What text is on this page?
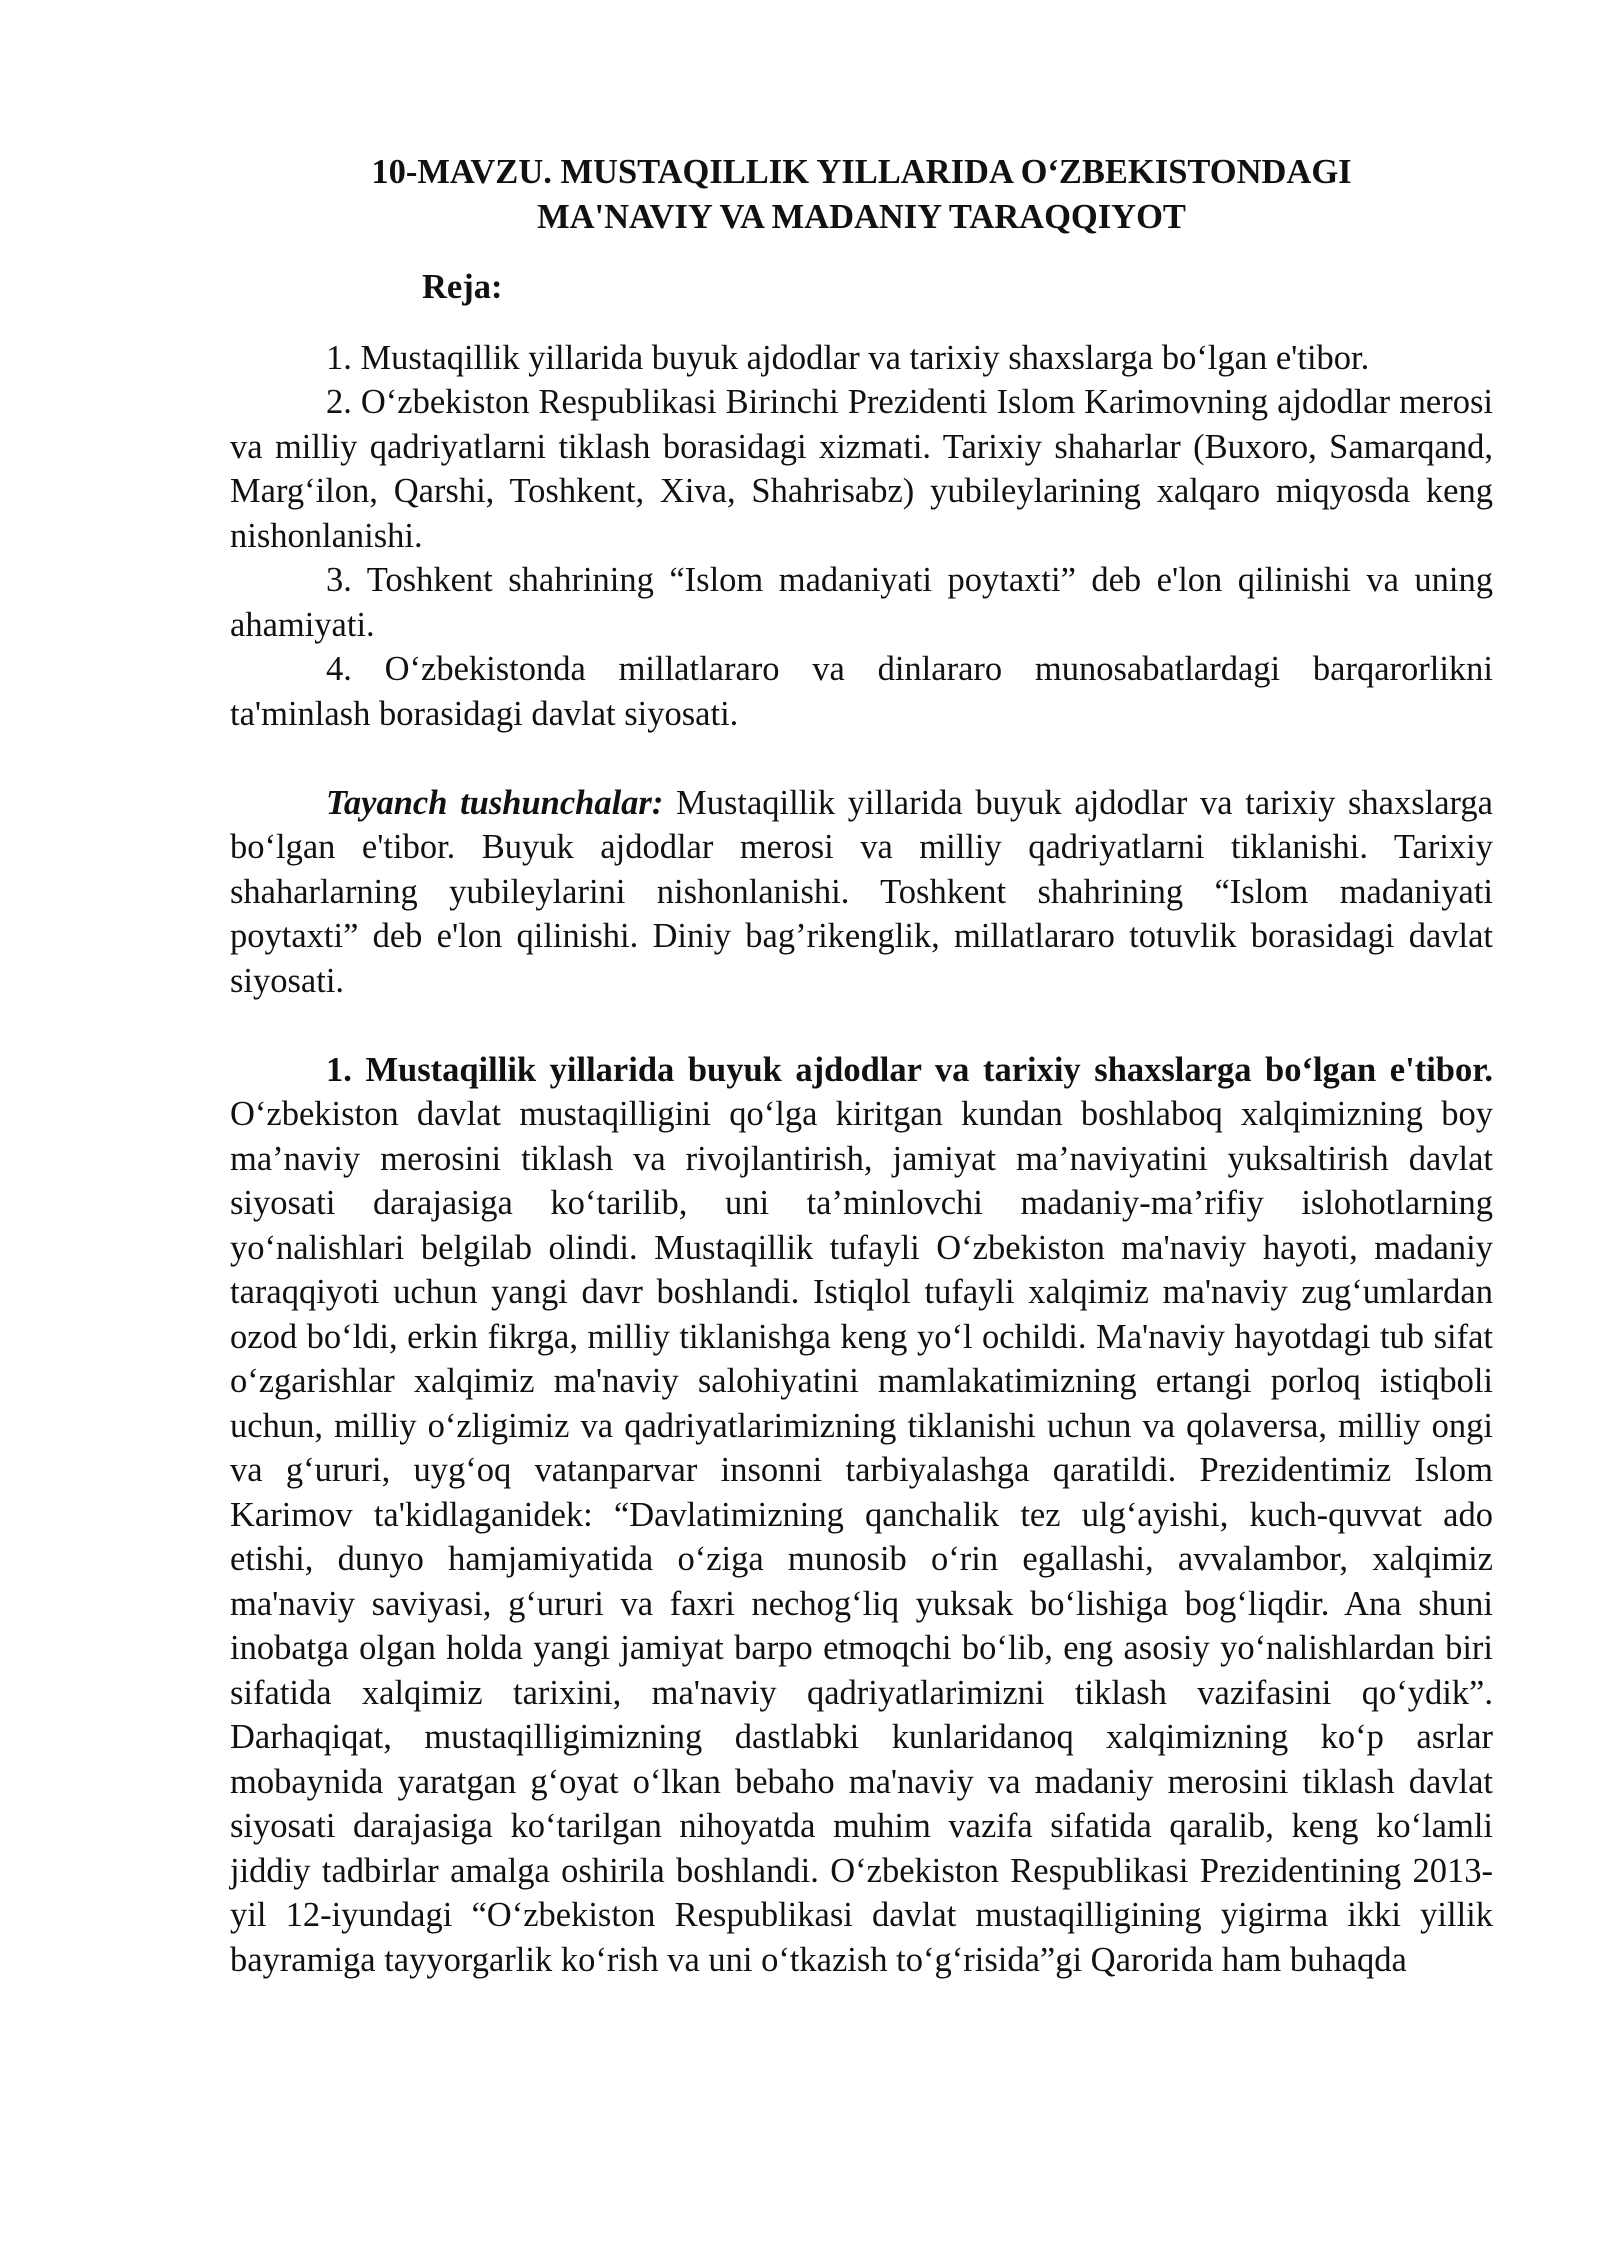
10-MAVZU. MUSTAQILLIK YILLARIDA O‘ZBEKISTONDAGI
MA'NAVIY VA MADANIY TARAQQIYOT
Reja:

1. Mustaqillik yillarida buyuk ajdodlar va tarixiy shaxslarga bo‘lgan e'tibor.

2. O‘zbekiston Respublikasi Birinchi Prezidenti Islom Karimovning ajdodlar merosi va milliy qadriyatlarni tiklash borasidagi xizmati. Tarixiy shaharlar (Buxoro, Samarqand, Marg‘ilon, Qarshi, Toshkent, Xiva, Shahrisabz) yubileylarining xalqaro miqyosda keng nishonlanishi.

3. Toshkent shahrining “Islom madaniyati poytaxti” deb e'lon qilinishi va uning ahamiyati.

4. O‘zbekistonda millatlararo va dinlararo munosabatlardagi barqarorlikni ta'minlash borasidagi davlat siyosati.

Tayanch tushunchalar: Mustaqillik yillarida buyuk ajdodlar va tarixiy shaxslarga bo‘lgan e'tibor. Buyuk ajdodlar merosi va milliy qadriyatlarni tiklanishi. Tarixiy shaharlarning yubileylarini nishonlanishi. Toshkent shahrining “Islom madaniyati poytaxti” deb e'lon qilinishi. Diniy bag’rikenglik, millatlararo totuvlik borasidagi davlat siyosati.

1. Mustaqillik yillarida buyuk ajdodlar va tarixiy shaxslarga bo‘lgan e'tibor. O‘zbekiston davlat mustaqilligini qo‘lga kiritgan kundan boshlaboq xalqimizning boy ma’naviy merosini tiklash va rivojlantirish, jamiyat ma’naviyatini yuksaltirish davlat siyosati darajasiga ko‘tarilib, uni ta’minlovchi madaniy-ma’rifiy islohotlarning yo‘nalishlari belgilab olindi. Mustaqillik tufayli O‘zbekiston ma'naviy hayoti, madaniy taraqqiyoti uchun yangi davr boshlandi. Istiqlol tufayli xalqimiz ma'naviy zug‘umlardan ozod bo‘ldi, erkin fikrga, milliy tiklanishga keng yo‘l ochildi. Ma'naviy hayotdagi tub sifat o‘zgarishlar xalqimiz ma'naviy salohiyatini mamlakatimizning ertangi porloq istiqboli uchun, milliy o‘zligimiz va qadriyatlarimizning tiklanishi uchun va qolaversa, milliy ongi va g‘ururi, uyg‘oq vatanparvar insonni tarbiyalashga qaratildi. Prezidentimiz Islom Karimov ta'kidlaganidek: “Davlatimizning qanchalik tez ulg‘ayishi, kuch-quvvat ado etishi, dunyo hamjamiyatida o‘ziga munosib o‘rin egallashi, avvalambor, xalqimiz ma'naviy saviyasi, g‘ururi va faxri nechog‘liq yuksak bo‘lishiga bog‘liqdir. Ana shuni inobatga olgan holda yangi jamiyat barpo etmoqchi bo‘lib, eng asosiy yo‘nalishlardan biri sifatida xalqimiz tarixini, ma'naviy qadriyatlarimizni tiklash vazifasini qo‘ydik”. Darhaqiqat, mustaqilligimizning dastlabki kunlaridanoq xalqimizning ko‘p asrlar mobaynida yaratgan g‘oyat o‘lkan bebaho ma'naviy va madaniy merosini tiklash davlat siyosati darajasiga ko‘tarilgan nihoyatda muhim vazifa sifatida qaralib, keng ko‘lamli jiddiy tadbirlar amalga oshirila boshlandi. O‘zbekiston Respublikasi Prezidentining 2013-yil 12-iyundagi “O‘zbekiston Respublikasi davlat mustaqilligining yigirma ikki yillik bayramiga tayyorgarlik ko‘rish va uni o‘tkazish to‘g‘risida”gi Qarorida ham buhaqda
